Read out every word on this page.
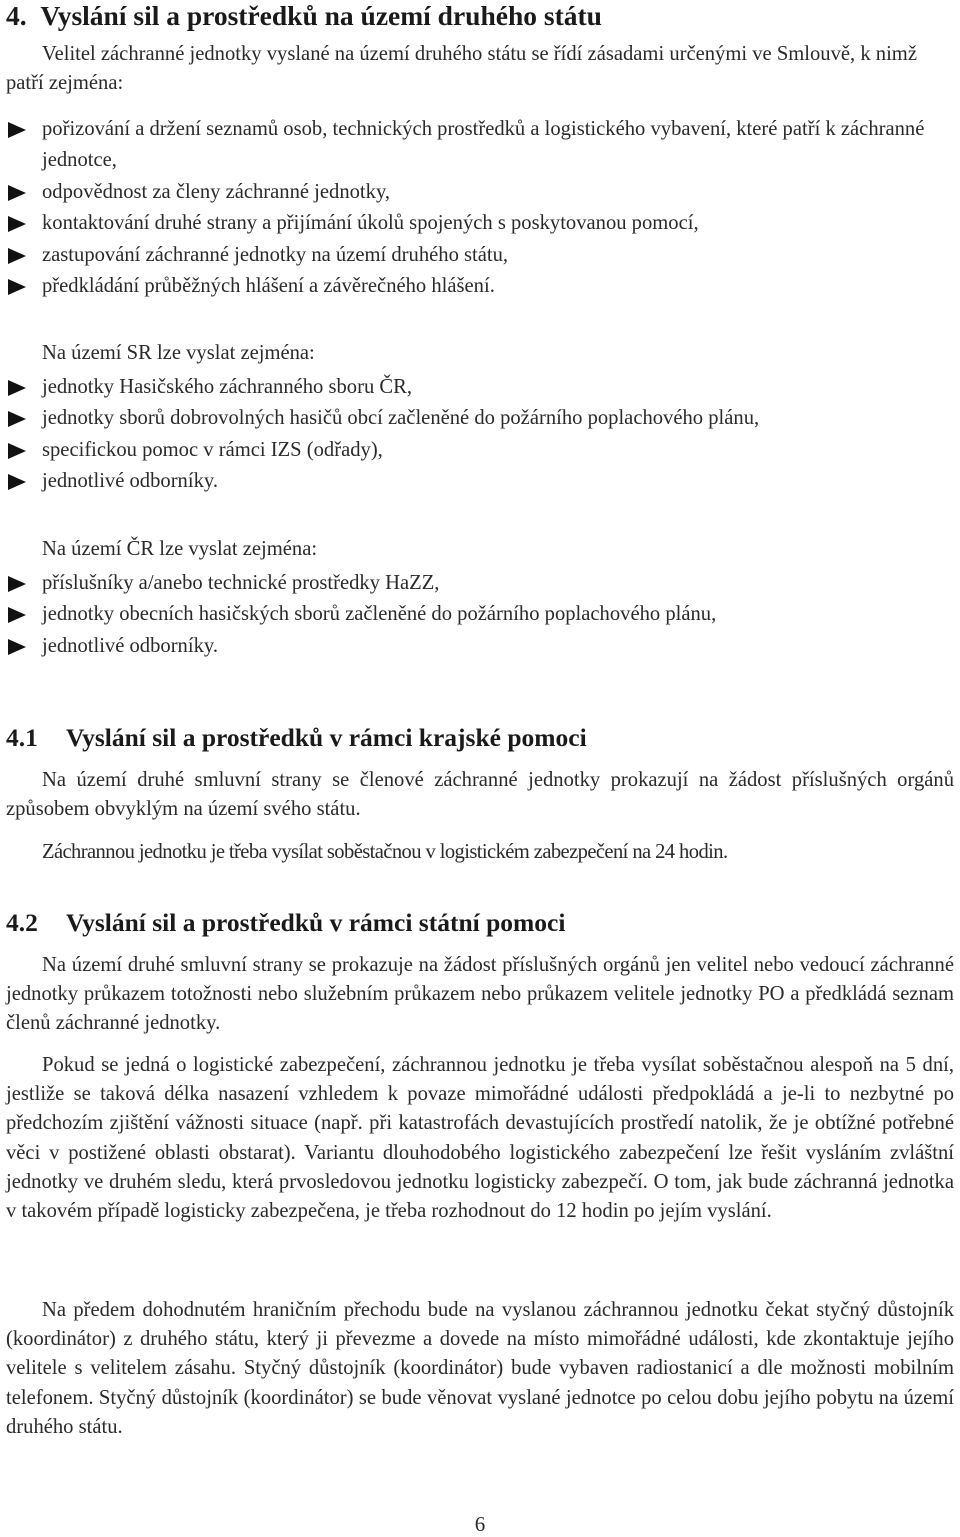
4. Vyslání sil a prostředků na území druhého státu
Velitel záchranné jednotky vyslané na území druhého státu se řídí zásadami určenými ve Smlouvě, k nimž patří zejména:
pořizování a držení seznamů osob, technických prostředků a logistického vybavení, které patří k záchranné jednotce,
odpovědnost za členy záchranné jednotky,
kontaktování druhé strany a přijímání úkolů spojených s poskytovanou pomocí,
zastupování záchranné jednotky na území druhého státu,
předkládání průběžných hlášení a závěrečného hlášení.
Na území SR lze vyslat zejména:
jednotky Hasičského záchranného sboru ČR,
jednotky sborů dobrovolných hasičů obcí začleněné do požárního poplachového plánu,
specifickou pomoc v rámci IZS (odřady),
jednotlivé odborníky.
Na území ČR lze vyslat zejména:
příslušníky a/anebo technické prostředky HaZZ,
jednotky obecních hasičských sborů začleněné do požárního poplachového plánu,
jednotlivé odborníky.
4.1 Vyslání sil a prostředků v rámci krajské pomoci
Na území druhé smluvní strany se členové záchranné jednotky prokazují na žádost příslušných orgánů způsobem obvyklým na území svého státu.
Záchrannou jednotku je třeba vysílat soběstačnou v logistickém zabezpečení na 24 hodin.
4.2 Vyslání sil a prostředků v rámci státní pomoci
Na území druhé smluvní strany se prokazuje na žádost příslušných orgánů jen velitel nebo vedoucí záchranné jednotky průkazem totožnosti nebo služebním průkazem nebo průkazem velitele jednotky PO a předkládá seznam členů záchranné jednotky.
Pokud se jedná o logistické zabezpečení, záchrannou jednotku je třeba vysílat soběstačnou alespoň na 5 dní, jestliže se taková délka nasazení vzhledem k povaze mimořádné události předpokládá a je-li to nezbytné po předchozím zjištění vážnosti situace (např. při katastrofách devastujících prostředí natolik, že je obtížné potřebné věci v postižené oblasti obstarat). Variantu dlouhodobého logistického zabezpečení lze řešit vysláním zvláštní jednotky ve druhém sledu, která prvosledovou jednotku logisticky zabezpečí. O tom, jak bude záchranná jednotka v takovém případě logisticky zabezpečena, je třeba rozhodnout do 12 hodin po jejím vyslání.
Na předem dohodnutém hraničním přechodu bude na vyslanou záchrannou jednotku čekat styčný důstojník (koordinátor) z druhého státu, který ji převezme a dovede na místo mimořádné události, kde zkontaktuje jejího velitele s velitelem zásahu. Styčný důstojník (koordinátor) bude vybaven radiostanicí a dle možnosti mobilním telefonem. Styčný důstojník (koordinátor) se bude věnovat vyslané jednotce po celou dobu jejího pobytu na území druhého státu.
6
